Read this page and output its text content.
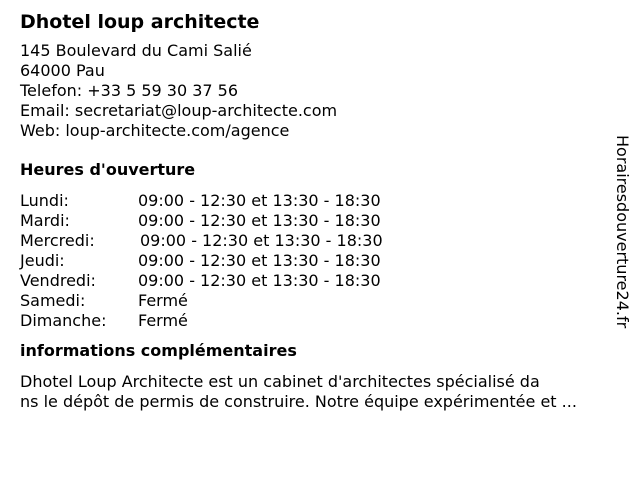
Dhotel loup architecte
145 Boulevard du Cami Salié
64000 Pau
Telefon: +33 5 59 30 37 56
Email: secretariat@loup-architecte.com
Web: loup-architecte.com/agence
Heures d'ouverture
Lundi:	09:00 - 12:30 et 13:30 - 18:30
Mardi:	09:00 - 12:30 et 13:30 - 18:30
Mercredi:	09:00 - 12:30 et 13:30 - 18:30
Jeudi:	09:00 - 12:30 et 13:30 - 18:30
Vendredi:	09:00 - 12:30 et 13:30 - 18:30
Samedi:	Fermé
Dimanche:	Fermé
informations complémentaires
Dhotel Loup Architecte est un cabinet d'architectes spécialisé da
ns le dépôt de permis de construire. Notre équipe expérimentée et ...
Horairesdouverture24.fr
